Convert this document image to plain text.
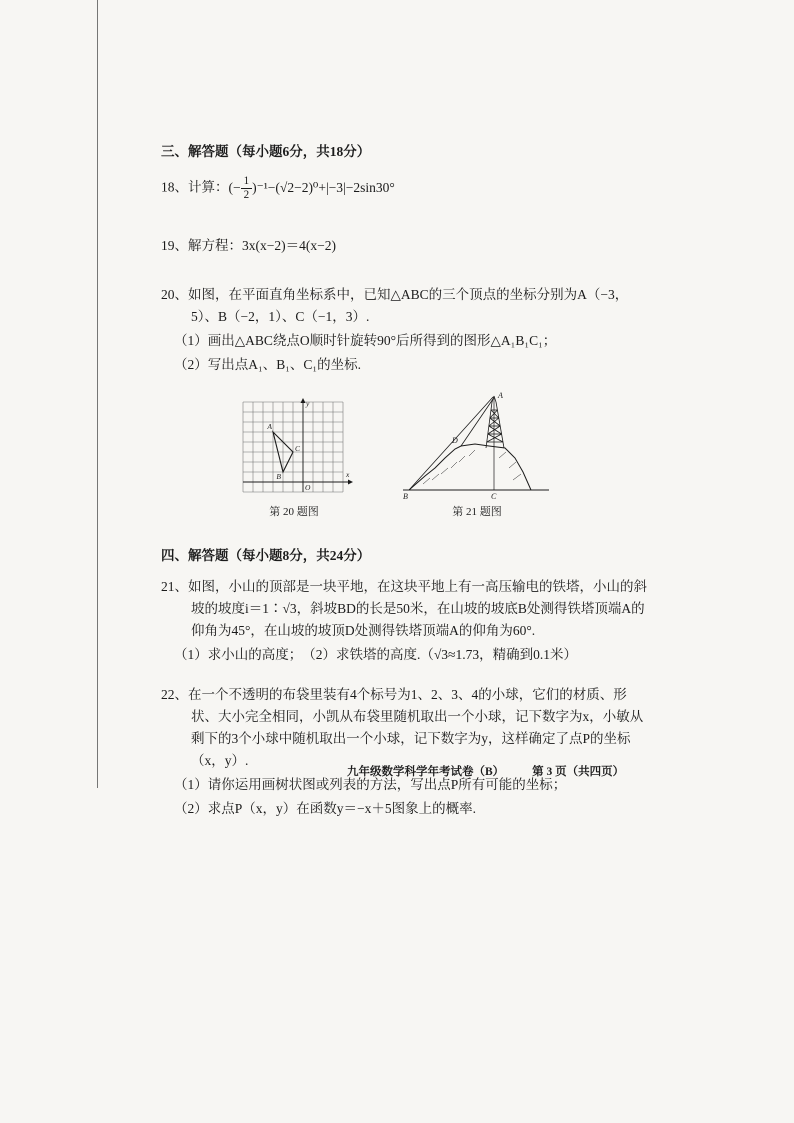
三、解答题（每小题6分，共18分）

18、计算：(− $\frac{1}{2} )^{-1}-(√2-2)^0+|-3|-2\sin 30^\circ$

19、解方程：3x(x−2)＝4(x−2)

20、如图，在平面直角坐标系中，已知△ABC的三个顶点的坐标分别为A（−3，5）、B（−2，1）、C（−1，3）.

（1）画出△ABC绕点O顺时针旋转90°后所得到的图形△A₁B₁C₁；

（2）写出点A₁、B₁、C₁的坐标.

A
B
C
O
x
y
第 20 题图
A
B	C
D
第 21 题图

四、解答题（每小题8分，共24分）

21、如图，小山的顶部是一块平地，在这块平地上有一高压输电的铁塔，小山的斜坡的坡度i＝1∶√3，斜坡BD的长是50米，在山坡的坡底B处测得铁塔顶端A的仰角为45°，在山坡的坡顶D处测得铁塔顶端A的仰角为60°.

（1）求小山的高度；　（2）求铁塔的高度.（√3≈1.73，精确到0.1米）

22、在一个不透明的布袋里装有4个标号为1、2、3、4的小球，它们的材质、形状、大小完全相同，小凯从布袋里随机取出一个小球，记下数字为x，小敏从剩下的3个小球中随机取出一个小球，记下数字为y，这样确定了点P的坐标（x，y）.

（1）请你运用画树状图或列表的方法，写出点P所有可能的坐标；

（2）求点P（x，y）在函数y＝−x＋5图象上的概率.

九年级数学科学年考试卷（B） 第 3 页（共四页）
